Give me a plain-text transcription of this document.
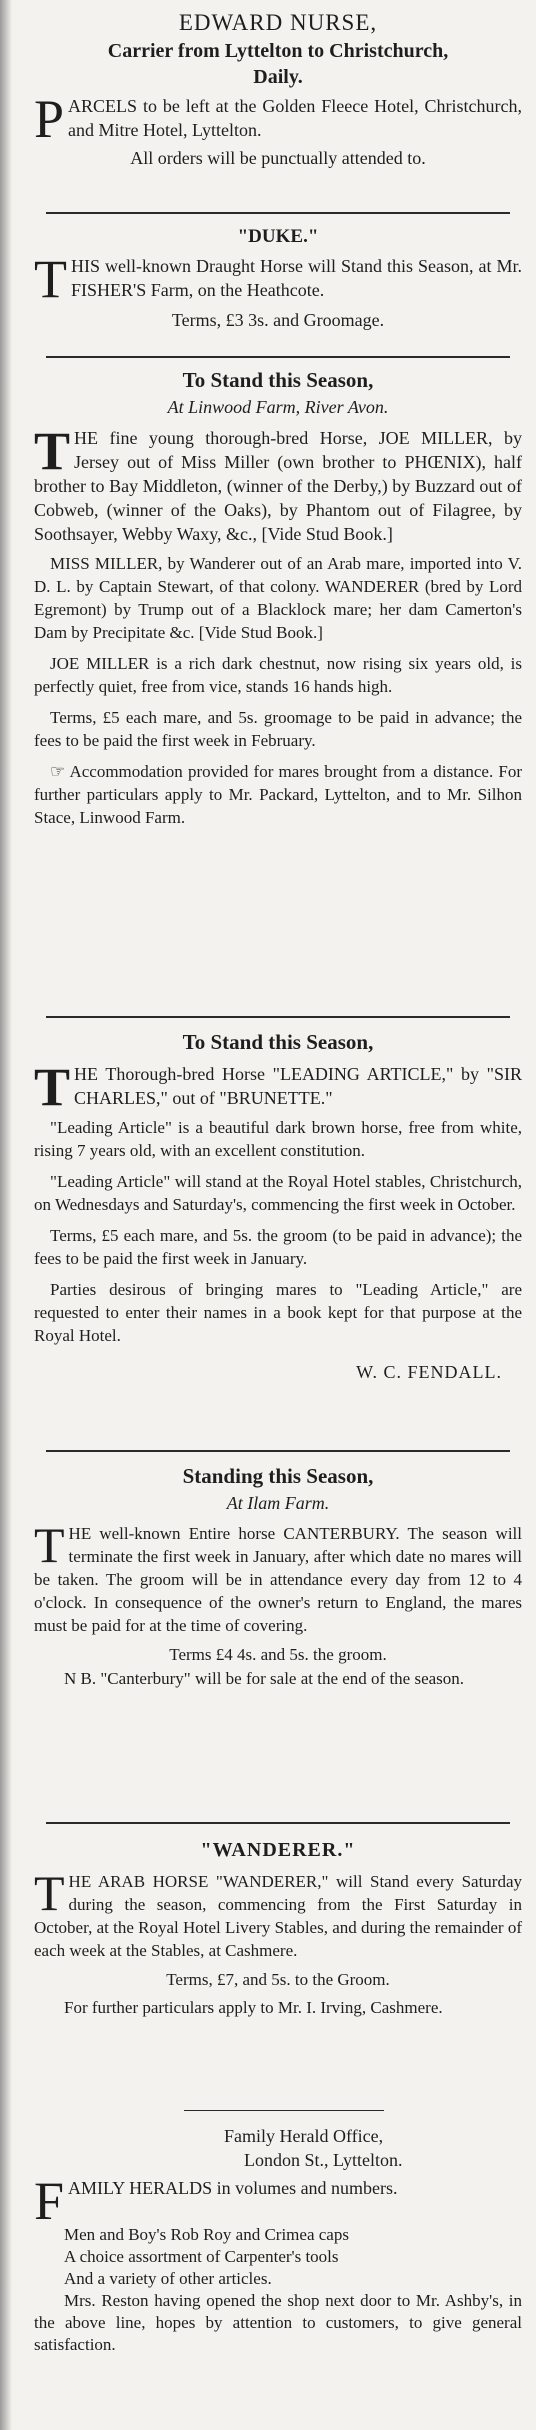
EDWARD NURSE,

Carrier from Lyttelton to Christchurch,

Daily.

P ARCELS to be left at the Golden Fleece Hotel, Christchurch, and Mitre Hotel, Lyttelton.

All orders will be punctually attended to.

"DUKE."

T HIS well-known Draught Horse will Stand this Season, at Mr. FISHER'S Farm, on the Heathcote.

Terms, £3 3s. and Groomage.

To Stand this Season,

At Linwood Farm, River Avon.

T HE fine young thorough-bred Horse, JOE MILLER, by Jersey out of Miss Miller (own brother to PHŒNIX), half brother to Bay Middleton, (winner of the Derby,) by Buzzard out of Cobweb, (winner of the Oaks), by Phantom out of Filagree, by Soothsayer, Webby Waxy, &c., [Vide Stud Book.]

MISS MILLER, by Wanderer out of an Arab mare, imported into V. D. L. by Captain Stewart, of that colony. WANDERER (bred by Lord Egremont) by Trump out of a Blacklock mare; her dam Camerton's Dam by Precipitate &c. [Vide Stud Book.]

JOE MILLER is a rich dark chestnut, now rising six years old, is perfectly quiet, free from vice, stands 16 hands high.

Terms, £5 each mare, and 5s. groomage to be paid in advance; the fees to be paid the first week in February.

☞ Accommodation provided for mares brought from a distance. For further particulars apply to Mr. Packard, Lyttelton, and to Mr. Silhon Stace, Linwood Farm.

To Stand this Season,

T HE Thorough-bred Horse "LEADING ARTICLE," by "SIR CHARLES," out of "BRUNETTE."

"Leading Article" is a beautiful dark brown horse, free from white, rising 7 years old, with an excellent constitution.

"Leading Article" will stand at the Royal Hotel stables, Christchurch, on Wednesdays and Saturday's, commencing the first week in October.

Terms, £5 each mare, and 5s. the groom (to be paid in advance); the fees to be paid the first week in January.

Parties desirous of bringing mares to "Leading Article," are requested to enter their names in a book kept for that purpose at the Royal Hotel.

W. C. FENDALL.

Standing this Season,

At Ilam Farm.

T HE well-known Entire horse CANTERBURY. The season will terminate the first week in January, after which date no mares will be taken. The groom will be in attendance every day from 12 to 4 o'clock. In consequence of the owner's return to England, the mares must be paid for at the time of covering.

Terms £4 4s. and 5s. the groom.

N B. "Canterbury" will be for sale at the end of the season.

"WANDERER."

T HE ARAB HORSE "WANDERER," will Stand every Saturday during the season, commencing from the First Saturday in October, at the Royal Hotel Livery Stables, and during the remainder of each week at the Stables, at Cashmere.

Terms, £7, and 5s. to the Groom.

For further particulars apply to Mr. I. Irving, Cashmere.

Family Herald Office,

London St., Lyttelton.

F AMILY HERALDS in volumes and numbers.

Men and Boy's Rob Roy and Crimea caps

A choice assortment of Carpenter's tools

And a variety of other articles.

Mrs. Reston having opened the shop next door to Mr. Ashby's, in the above line, hopes by attention to customers, to give general satisfaction.
